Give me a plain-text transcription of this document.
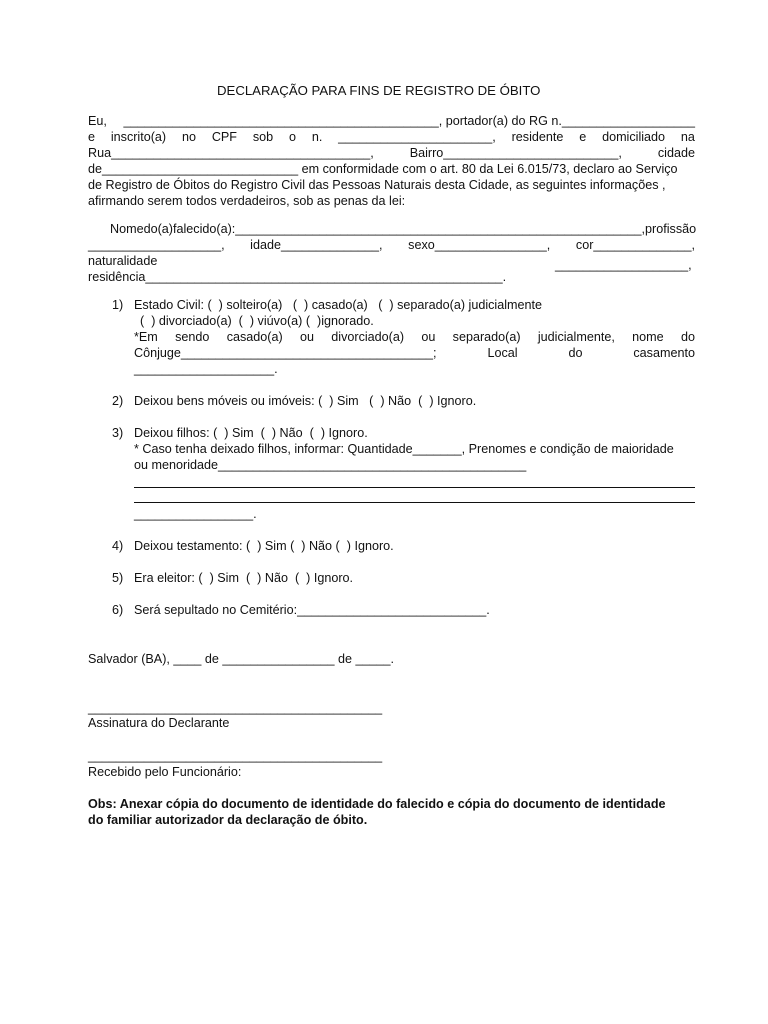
DECLARAÇÃO PARA FINS DE REGISTRO DE ÓBITO
Eu, _____________________________________________, portador(a) do RG n.___________________
e inscrito(a) no CPF sob o n. ______________________, residente e domiciliado na
Rua_____________________________________,	Bairro_________________________,	cidade
de____________________________ em conformidade com o art. 80 da Lei 6.015/73, declaro ao Serviço
de Registro de Óbitos do Registro Civil das Pessoas Naturais desta Cidade, as seguintes informações ,
afirmando serem todos verdadeiros, sob as penas da lei:
Nome do(a) falecido(a):__________________________________________________________, profissão
___________________, idade______________, sexo________________, cor______________,
naturalidade	___________________,
residência___________________________________________________.
1) Estado Civil: (  ) solteiro(a)   (  ) casado(a)   (  ) separado(a) judicialmente
(  ) divorciado(a)  (  ) viúvo(a) (  )ignorado.
*Em sendo casado(a) ou divorciado(a) ou separado(a) judicialmente, nome do
Cônjuge____________________________________;	Local	do	casamento
____________________.
2) Deixou bens móveis ou imóveis: (  ) Sim   (  ) Não  (  ) Ignoro.
3) Deixou filhos: (  ) Sim  (  ) Não  (  ) Ignoro.
* Caso tenha deixado filhos, informar: Quantidade_______, Prenomes e condição de maioridade
ou menoridade____________________________________________
_________________.
4) Deixou testamento: (  ) Sim (  ) Não (  ) Ignoro.
5) Era eleitor: (  ) Sim  (  ) Não  (  ) Ignoro.
6) Será sepultado no Cemitério:___________________________.
Salvador (BA), ____ de ________________ de _____.
__________________________________________
Assinatura do Declarante
__________________________________________
Recebido pelo Funcionário:
Obs: Anexar cópia do documento de identidade do falecido e cópia do documento de identidade
do familiar autorizador da declaração de óbito.
